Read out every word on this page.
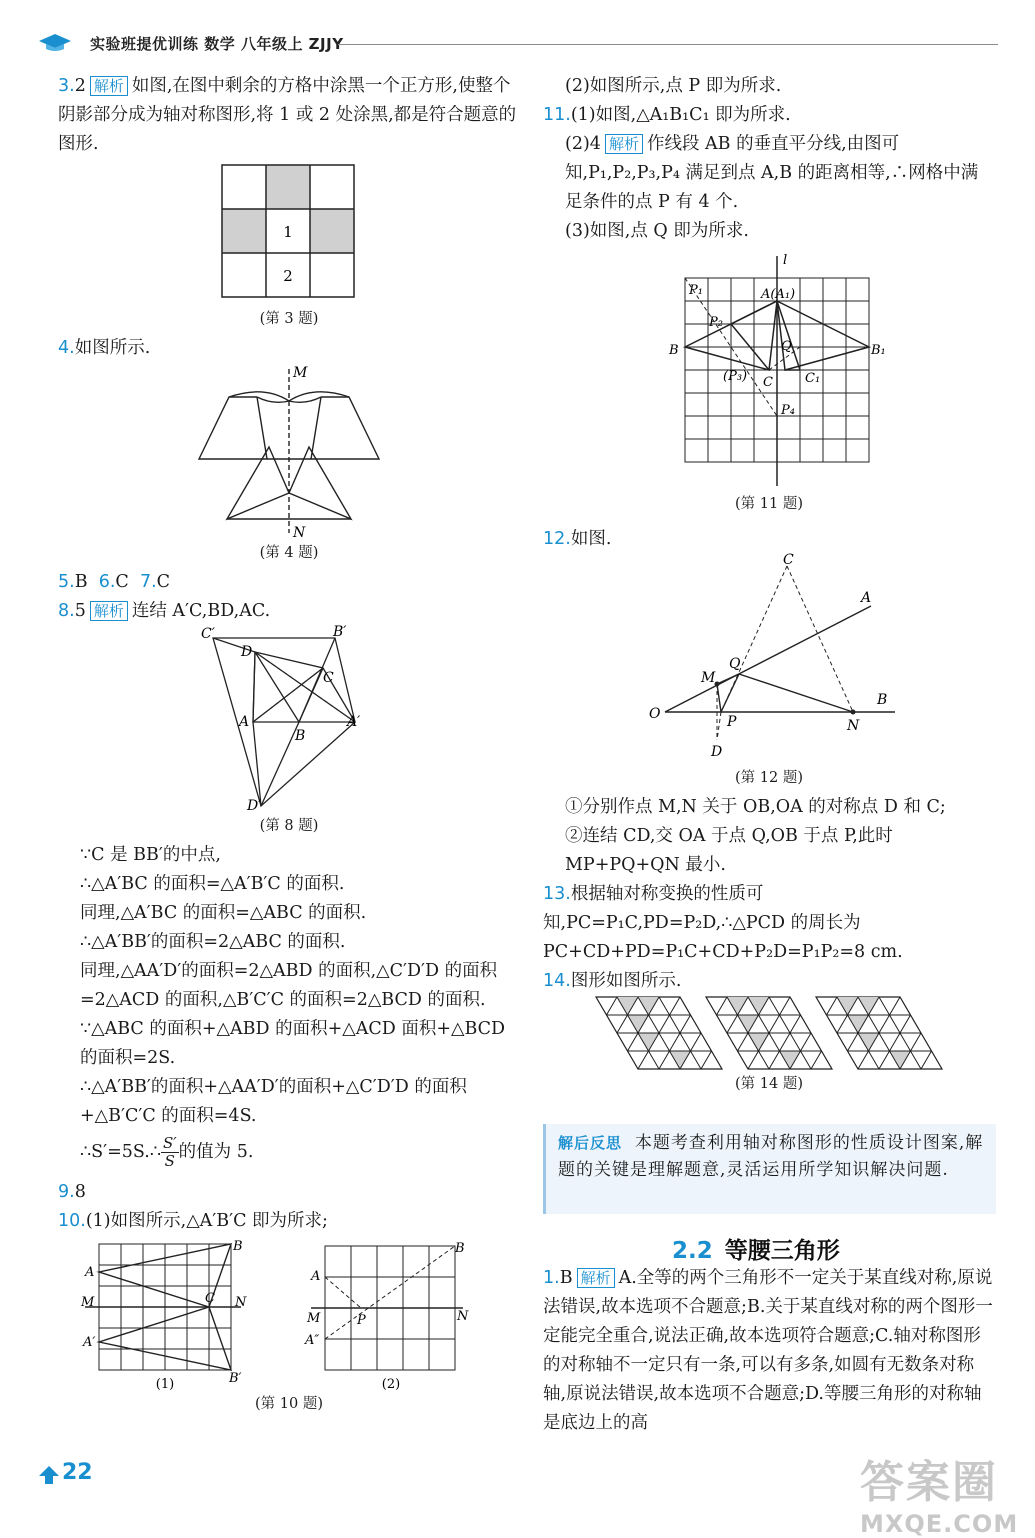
实验班提优训练 数学 八年级上 ZJJY

3.2 解析 如图,在图中剩余的方格中涂黑一个正方形,使整个阴影部分成为轴对称图形,将 1 或 2 处涂黑,都是符合题意的图形.

1
2

(第 3 题)

4.如图所示.

M
N

(第 4 题)

5.B 6.C 7.C

8.5 解析 连结 A′C,BD,AC.

C′	B′
D
C
A
B
A′
D′

(第 8 题)

∵C 是 BB′的中点,

∴△A′BC 的面积=△A′B′C 的面积.

同理,△A′BC 的面积=△ABC 的面积.

∴△A′BB′的面积=2△ABC 的面积.

同理,△AA′D′的面积=2△ABD 的面积,△C′D′D 的面积=2△ACD 的面积,△B′C′C 的面积=2△BCD 的面积.

∵△ABC 的面积+△ABD 的面积+△ACD 面积+△BCD 的面积=2S.

∴△A′BB′的面积+△AA′D′的面积+△C′D′D 的面积+△B′C′C 的面积=4S.

∴S′=5S.∴ $\frac{S'}{S}$ 的值为 5.

9.8

10.(1)如图所示,△A′B′C 即为所求;

B
A
M	C N
A′
B′
B
A
M	P	N
A″
(1)	(2)

(第 10 题)

(2)如图所示,点 P 即为所求.

11.(1)如图,△A₁B₁C₁ 即为所求.

(2)4 解析 作线段 AB 的垂直平分线,由图可知,P₁,P₂,P₃,P₄ 满足到点 A,B 的距离相等,∴网格中满足条件的点 P 有 4 个.

(3)如图,点 Q 即为所求.

l
P₁	A(A₁)
P₂
B	Q	B₁
(P₃) C C₁
P₄

(第 11 题)

12.如图.

C
A
Q
M
O	P	N
B
D

(第 12 题)

①分别作点 M,N 关于 OB,OA 的对称点 D 和 C;

②连结 CD,交 OA 于点 Q,OB 于点 P,此时 MP+PQ+QN 最小.

13.根据轴对称变换的性质可知,PC=P₁C,PD=P₂D,∴△PCD 的周长为 PC+CD+PD=P₁C+CD+P₂D=P₁P₂=8 cm.

14.图形如图所示.

(第 14 题)

解后反思 本题考查利用轴对称图形的性质设计图案,解题的关键是理解题意,灵活运用所学知识解决问题.

2.2 等腰三角形

1.B 解析 A.全等的两个三角形不一定关于某直线对称,原说法错误,故本选项不合题意;B.关于某直线对称的两个图形一定能完全重合,说法正确,故本选项符合题意;C.轴对称图形的对称轴不一定只有一条,可以有多条,如圆有无数条对称轴,原说法错误,故本选项不合题意;D.等腰三角形的对称轴是底边上的高

22	答案圈
MXQE.COM
